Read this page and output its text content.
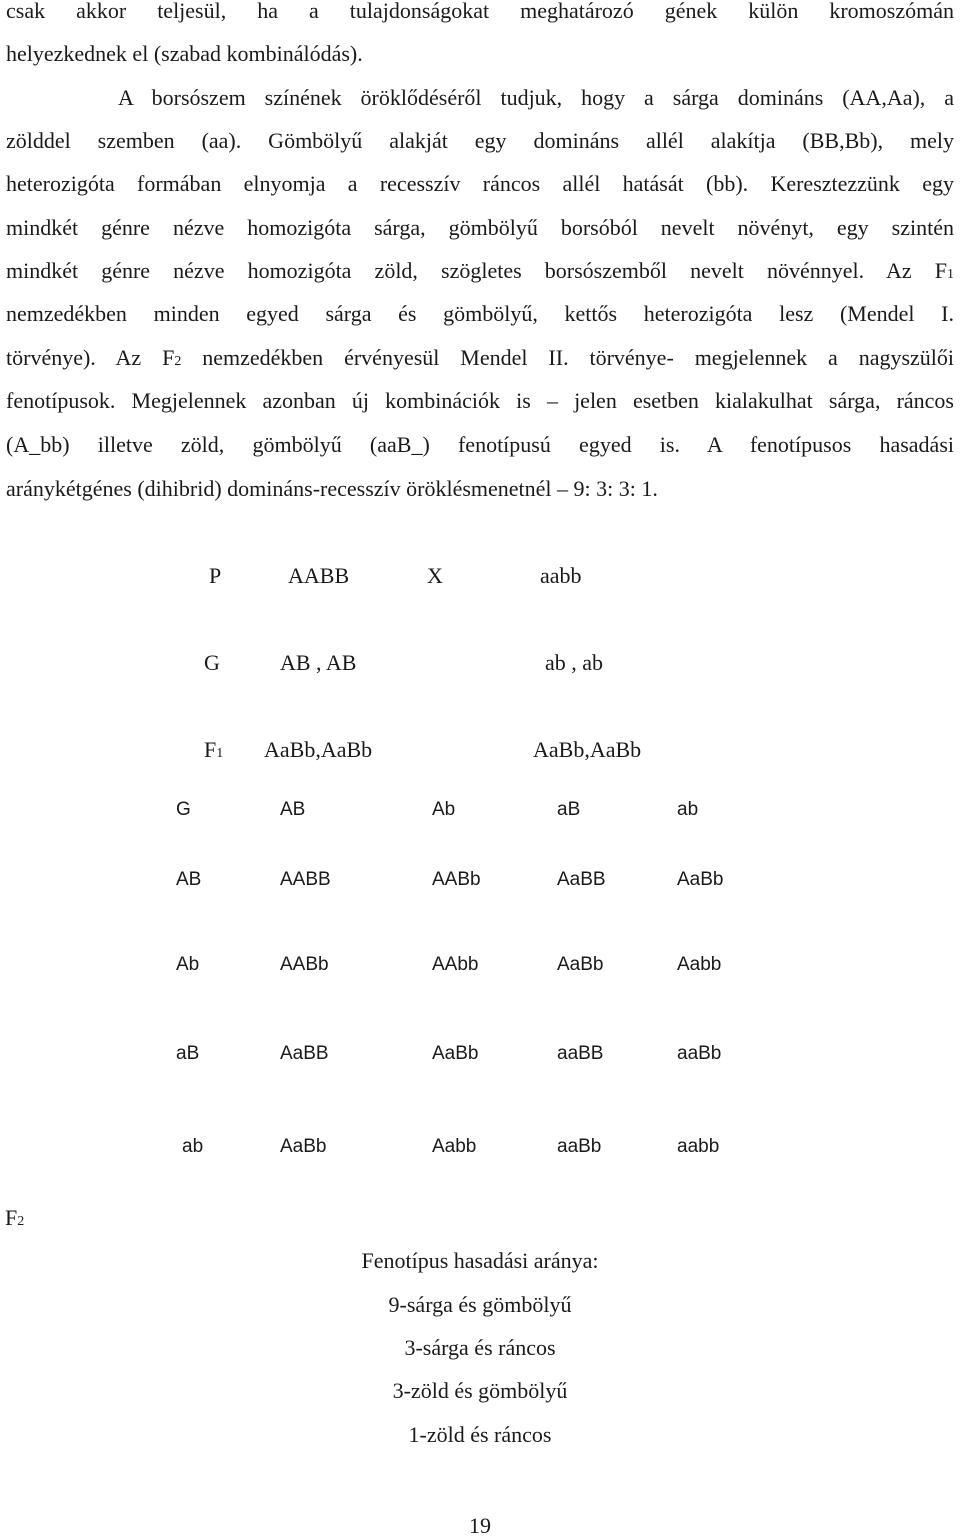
csak akkor teljesül, ha a tulajdonságokat meghatározó gének külön kromoszómán
helyezkednek el (szabad kombinálódás).
A borsószem színének öröklődéséről tudjuk, hogy a sárga domináns (AA,Aa), a
zölddel szemben (aa). Gömbölyű alakját egy domináns allél alakítja (BB,Bb), mely
heterozigóta formában elnyomja a recesszív ráncos allél hatását (bb). Keresztezzünk egy
mindkét génre nézve homozigóta sárga, gömbölyű borsóból nevelt növényt, egy szintén
mindkét génre nézve homozigóta zöld, szögletes borsószemből nevelt növénnyel. Az F1
nemzedékben minden egyed sárga és gömbölyű, kettős heterozigóta lesz (Mendel I.
törvénye). Az F2 nemzedékben érvényesül Mendel II. törvénye- megjelennek a nagyszülői
fenotípusok. Megjelennek azonban új kombinációk is – jelen esetben kialakulhat sárga, ráncos
(A_bb) illetve zöld, gömbölyű (aaB_) fenotípusú egyed is. A fenotípusos hasadási
aránykétgénes (dihibrid) domináns-recesszív öröklésmenetnél – 9: 3: 3: 1.
P	AABB	X	aabb
G	AB , AB	ab , ab
F1 AaBb,AaBb	AaBb,AaBb
G	AB	Ab	aB	ab
AB	AABB	AABb	AaBB	AaBb
Ab	AABb	AAbb	AaBb	Aabb
aB	AaBB	AaBb	aaBB	aaBb
ab	AaBb	Aabb	aaBb	aabb
F2
Fenotípus hasadási aránya:
9-sárga és gömbölyű
3-sárga és ráncos
3-zöld és gömbölyű
1-zöld és ráncos
19
